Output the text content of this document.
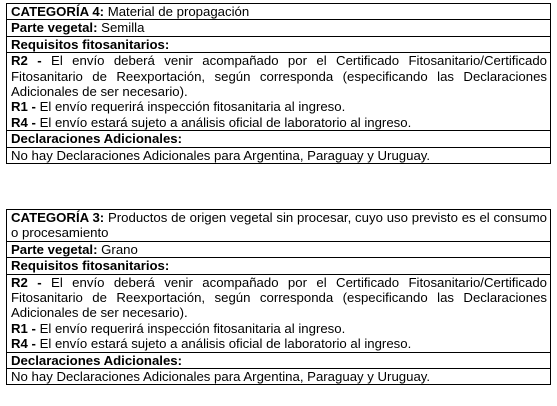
CATEGORÍA 4: Material de propagación
Parte vegetal: Semilla
Requisitos fitosanitarios:

R2 - El envío deberá venir acompañado por el Certificado Fitosanitario/Certificado Fitosanitario de Reexportación, según corresponda (especificando las Declaraciones Adicionales de ser necesario).
R1 - El envío requerirá inspección fitosanitaria al ingreso.
R4 - El envío estará sujeto a análisis oficial de laboratorio al ingreso.

Declaraciones Adicionales:
No hay Declaraciones Adicionales para Argentina, Paraguay y Uruguay.
CATEGORÍA 3: Productos de origen vegetal sin procesar, cuyo uso previsto es el consumo o procesamiento
Parte vegetal: Grano
Requisitos fitosanitarios:

R2 - El envío deberá venir acompañado por el Certificado Fitosanitario/Certificado Fitosanitario de Reexportación, según corresponda (especificando las Declaraciones Adicionales de ser necesario).
R1 - El envío requerirá inspección fitosanitaria al ingreso.
R4 - El envío estará sujeto a análisis oficial de laboratorio al ingreso.

Declaraciones Adicionales:
No hay Declaraciones Adicionales para Argentina, Paraguay y Uruguay.
